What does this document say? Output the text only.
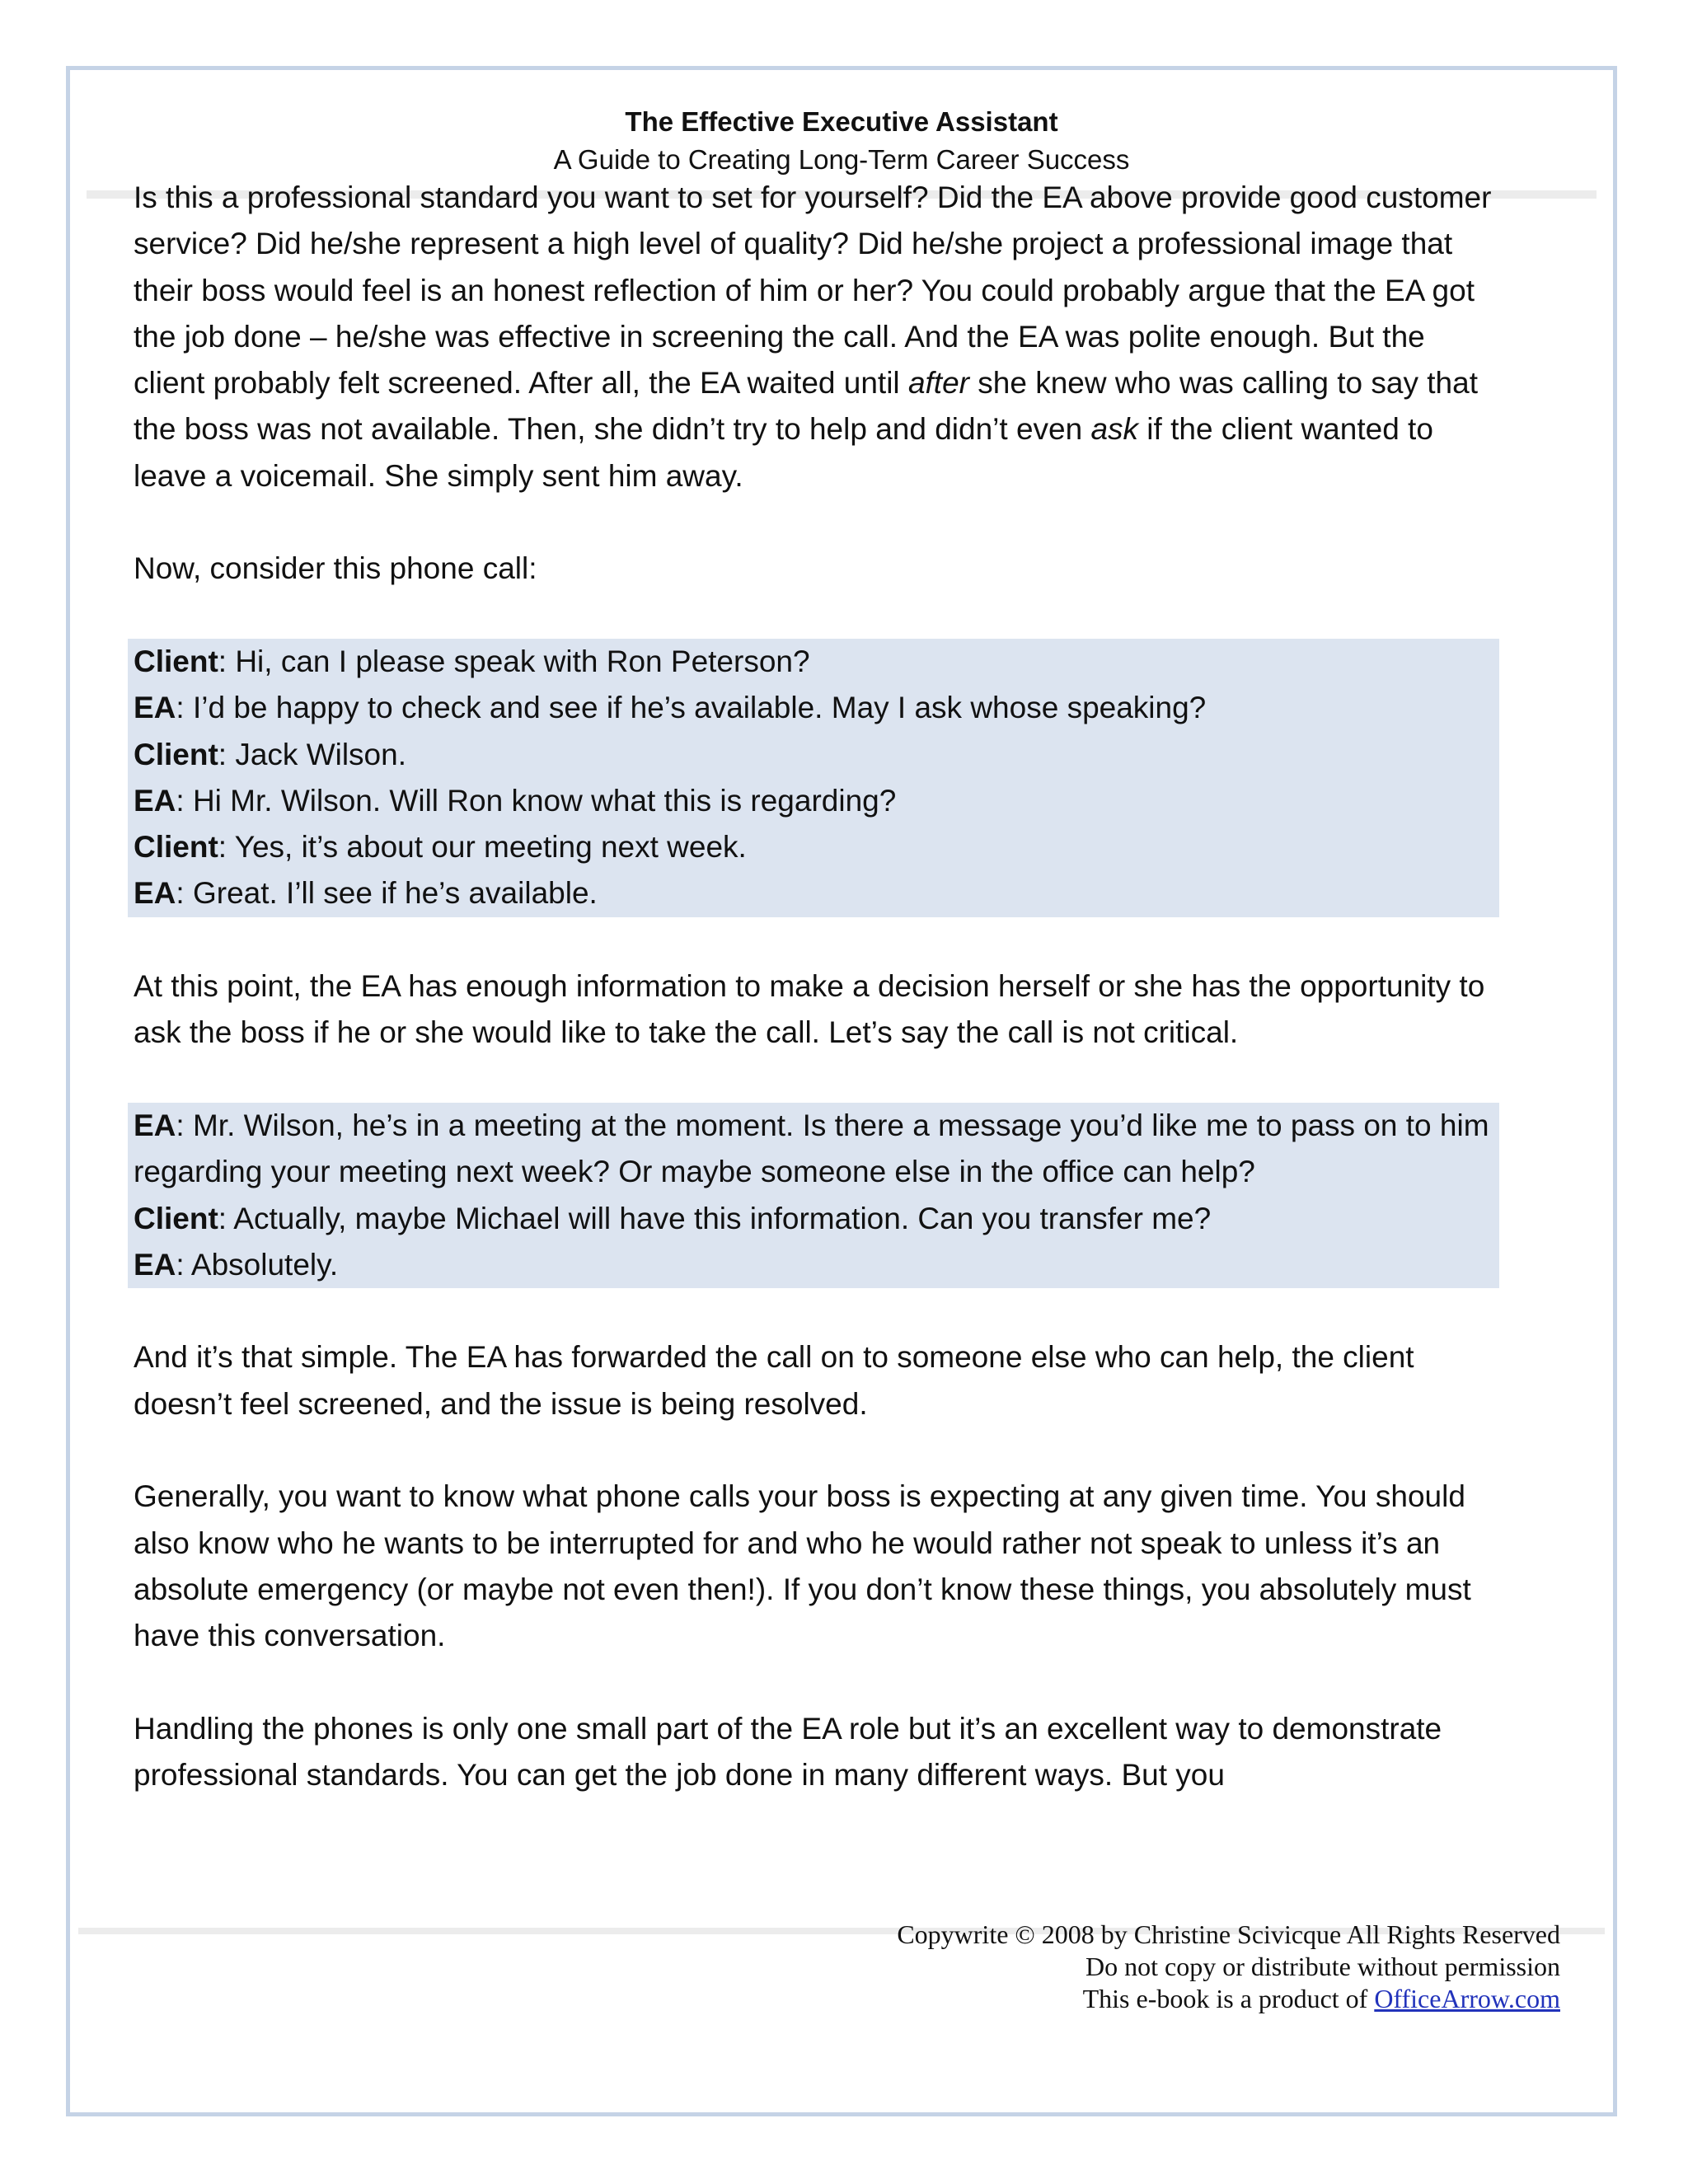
The Effective Executive Assistant
A Guide to Creating Long-Term Career Success

Is this a professional standard you want to set for yourself? Did the EA above provide good customer service? Did he/she represent a high level of quality? Did he/she project a professional image that their boss would feel is an honest reflection of him or her? You could probably argue that the EA got the job done – he/she was effective in screening the call. And the EA was polite enough. But the client probably felt screened. After all, the EA waited until after she knew who was calling to say that the boss was not available. Then, she didn’t try to help and didn’t even ask if the client wanted to leave a voicemail. She simply sent him away.

Now, consider this phone call:

Client: Hi, can I please speak with Ron Peterson?
EA: I’d be happy to check and see if he’s available. May I ask whose speaking?
Client: Jack Wilson.
EA: Hi Mr. Wilson. Will Ron know what this is regarding?
Client: Yes, it’s about our meeting next week.
EA: Great. I’ll see if he’s available.

At this point, the EA has enough information to make a decision herself or she has the opportunity to ask the boss if he or she would like to take the call. Let’s say the call is not critical.

EA: Mr. Wilson, he’s in a meeting at the moment. Is there a message you’d like me to pass on to him regarding your meeting next week? Or maybe someone else in the office can help?
Client: Actually, maybe Michael will have this information. Can you transfer me?
EA: Absolutely.

And it’s that simple. The EA has forwarded the call on to someone else who can help, the client doesn’t feel screened, and the issue is being resolved.

Generally, you want to know what phone calls your boss is expecting at any given time. You should also know who he wants to be interrupted for and who he would rather not speak to unless it’s an absolute emergency (or maybe not even then!). If you don’t know these things, you absolutely must have this conversation.

Handling the phones is only one small part of the EA role but it’s an excellent way to demonstrate professional standards. You can get the job done in many different ways. But you

Copywrite © 2008 by Christine Scivicque All Rights Reserved
Do not copy or distribute without permission
This e-book is a product of OfficeArrow.com
